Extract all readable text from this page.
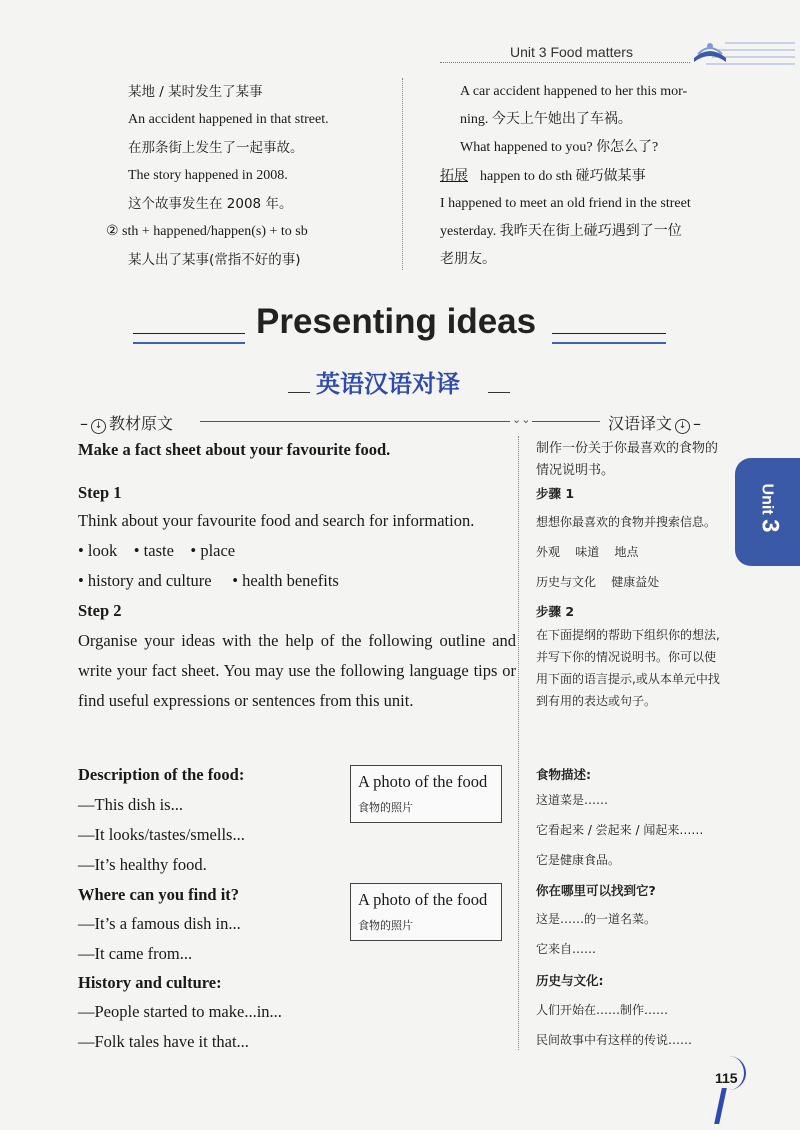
Unit 3 Food matters
某地 / 某时发生了某事
An accident happened in that street.
在那条街上发生了一起事故。
The story happened in 2008.
这个故事发生在 2008 年。
② sth + happened/happen(s) + to sb
某人出了某事(常指不好的事)
A car accident happened to her this mor-
ning. 今天上午她出了车祸。
What happened to you? 你怎么了?
拓展 happen to do sth 碰巧做某事
I happened to meet an old friend in the street
yesterday. 我昨天在街上碰巧遇到了一位
老朋友。
Presenting ideas
英语汉语对译
– ↓ 教材原文	⌄⌄	汉语译文 ↓ –
Make a fact sheet about your favourite food.
Step 1
Think about your favourite food and search for information.
• look • taste • place
• history and culture • health benefits
Step 2
Organise your ideas with the help of the following outline and write your fact sheet. You may use the following language tips or find useful expressions or sentences from this unit.
Description of the food:
—This dish is...
—It looks/tastes/smells...
—It’s healthy food.
Where can you find it?
—It’s a famous dish in...
—It came from...
History and culture:
—People started to make...in...
—Folk tales have it that...
A photo of the food
食物的照片
A photo of the food
食物的照片
制作一份关于你最喜欢的食物的情况说明书。
步骤 1
想想你最喜欢的食物并搜索信息。
外观    味道    地点
历史与文化    健康益处
步骤 2
在下面提纲的帮助下组织你的想法,并写下你的情况说明书。你可以使用下面的语言提示,或从本单元中找到有用的表达或句子。
食物描述:
这道菜是……
它看起来 / 尝起来 / 闻起来……
它是健康食品。
你在哪里可以找到它?
这是……的一道名菜。
它来自……
历史与文化:
人们开始在……制作……
民间故事中有这样的传说……
Unit 3
115
